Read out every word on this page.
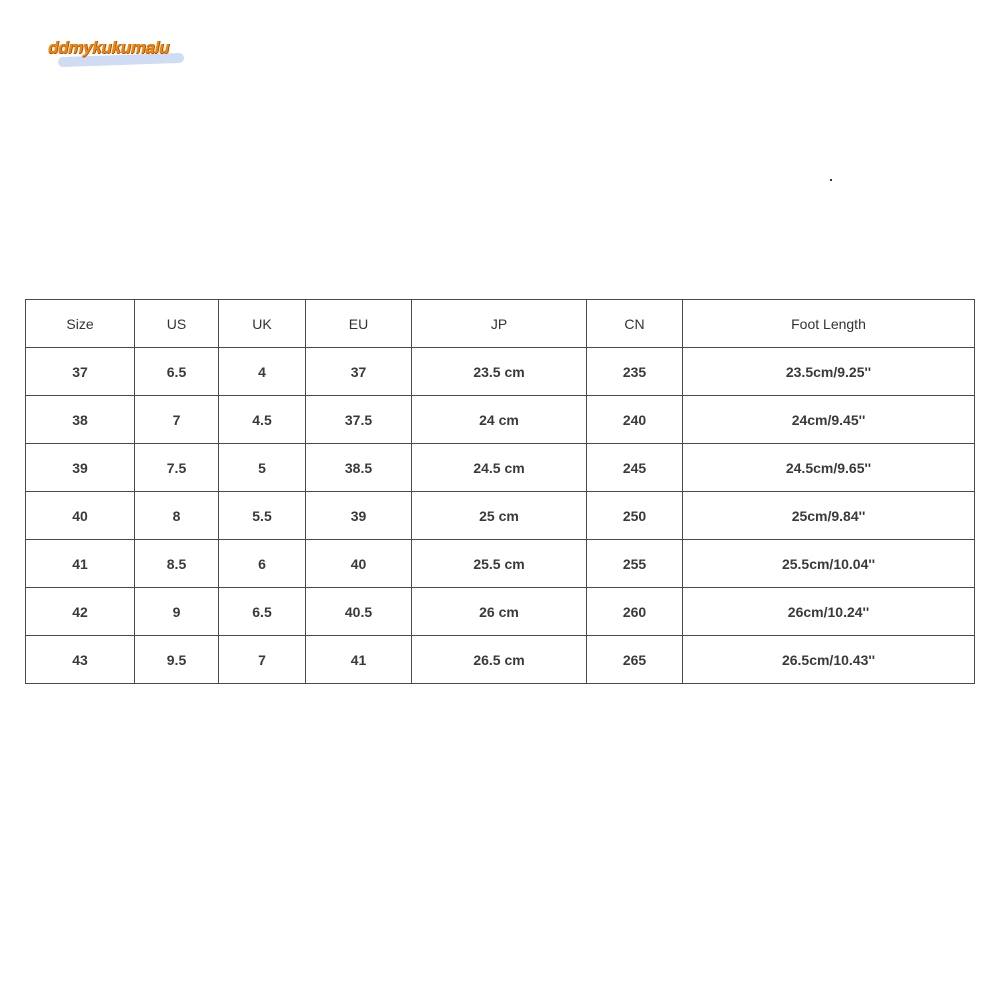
ddmykukumalu
Size	US	UK	EU	JP	CN	Foot Length
37	6.5	4	37	23.5 cm	235	23.5cm/9.25''
38	7	4.5	37.5	24 cm	240	24cm/9.45''
39	7.5	5	38.5	24.5 cm	245	24.5cm/9.65''
40	8	5.5	39	25 cm	250	25cm/9.84''
41	8.5	6	40	25.5 cm	255	25.5cm/10.04''
42	9	6.5	40.5	26 cm	260	26cm/10.24''
43	9.5	7	41	26.5 cm	265	26.5cm/10.43''
